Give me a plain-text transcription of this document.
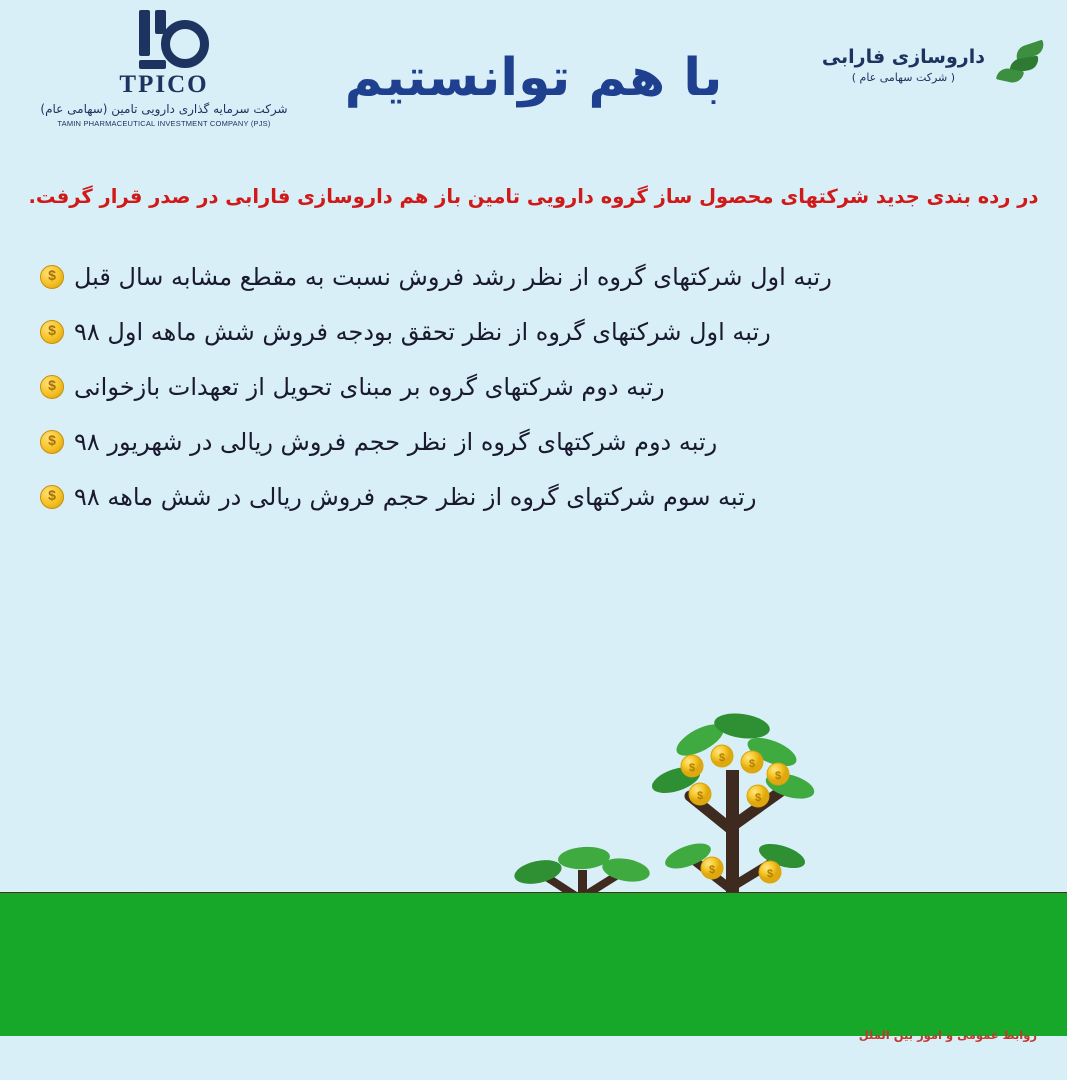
TPICO
شرکت سرمایه گذاری دارویی تامین (سهامی عام)
TAMIN PHARMACEUTICAL INVESTMENT COMPANY (PJS)
با هم توانستیم	داروسازی فارابی
( شرکت سهامی عام )
در رده بندی جدید شرکتهای محصول ساز گروه دارویی تامین باز هم داروسازی فارابی در صدر قرار گرفت.
رتبه اول شرکتهای گروه از نظر رشد فروش نسبت به مقطع مشابه سال قبل
$
رتبه اول شرکتهای گروه از نظر تحقق بودجه فروش شش ماهه اول ۹۸
$
رتبه دوم شرکتهای گروه بر مبنای تحویل از تعهدات بازخوانی
$
رتبه دوم شرکتهای گروه از نظر حجم فروش ریالی در شهریور ۹۸
$
رتبه سوم شرکتهای گروه از نظر حجم فروش ریالی در شش ماهه ۹۸
$
$
$ $
$
$	$
$	$
روابط عمومی و امور بین الملل
